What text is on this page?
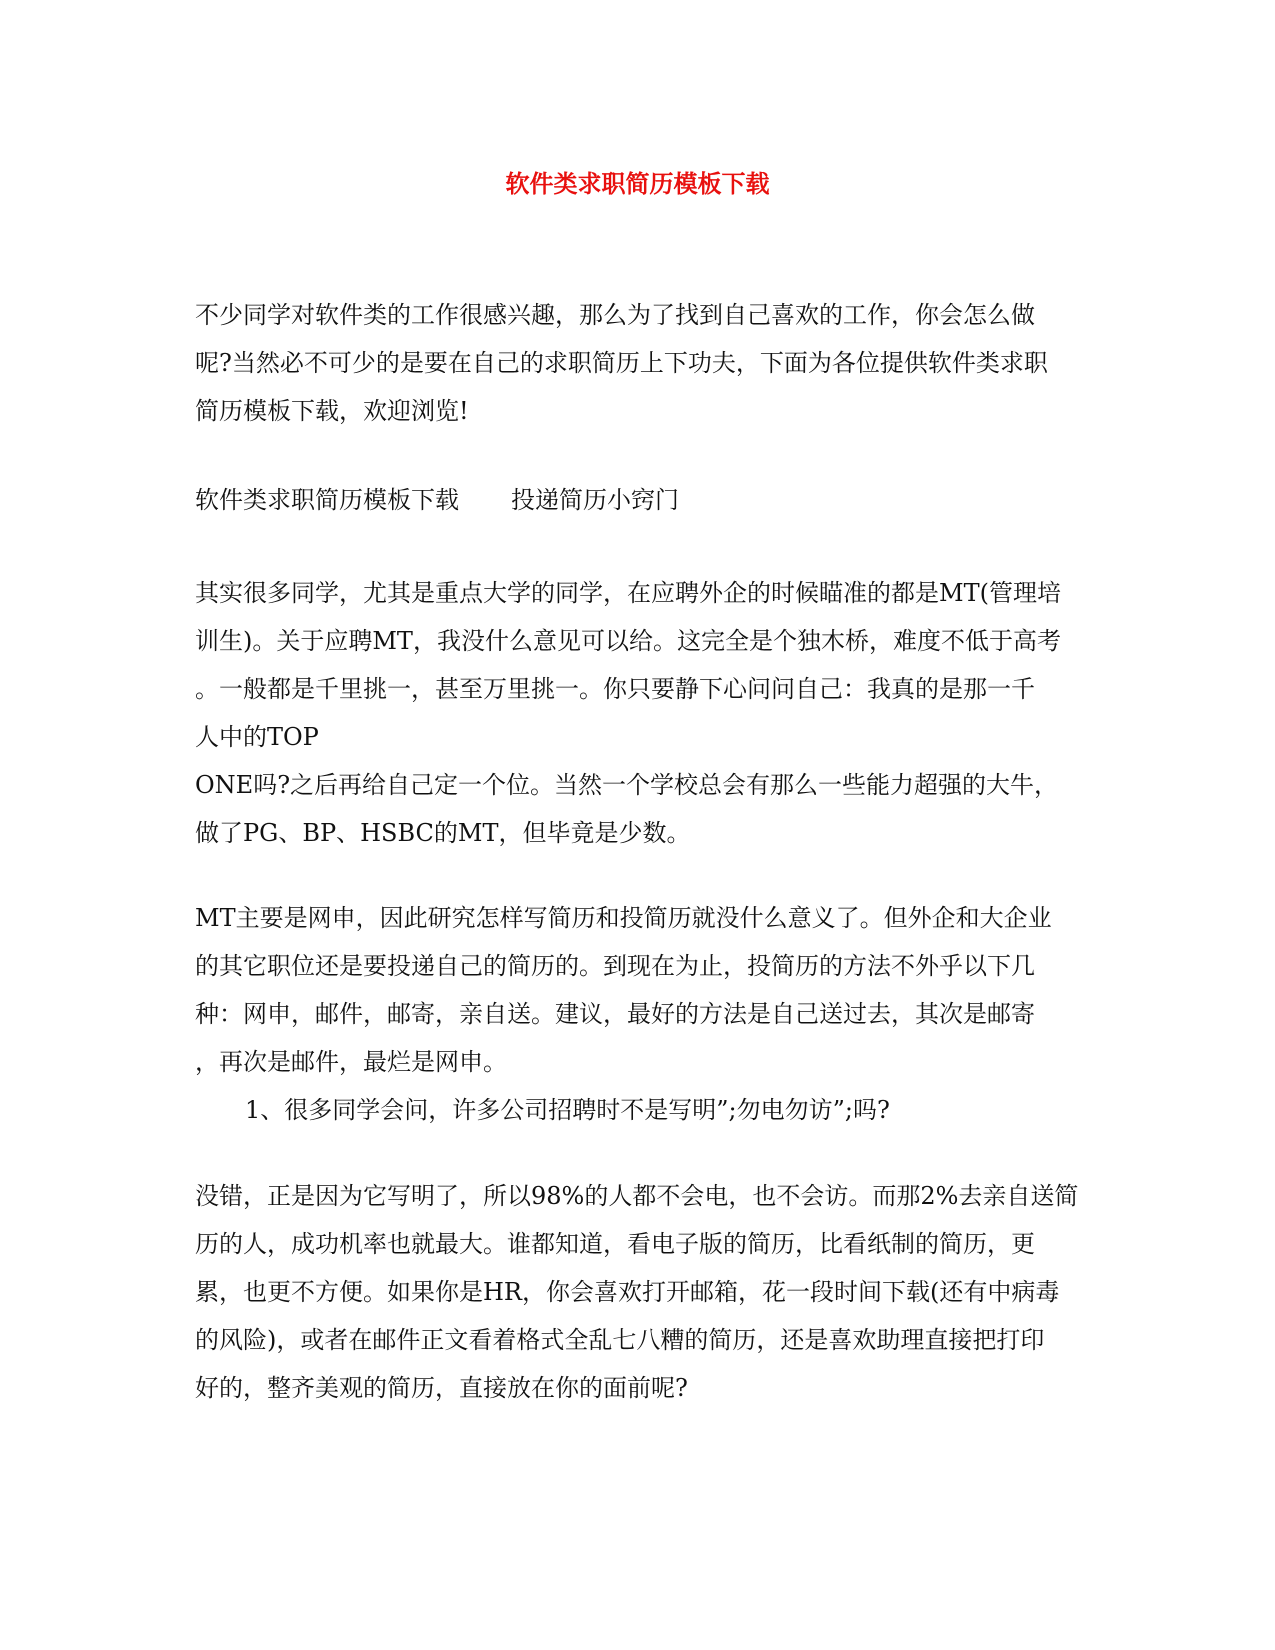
软件类求职简历模板下载
不少同学对软件类的工作很感兴趣，那么为了找到自己喜欢的工作，你会怎么做
呢?当然必不可少的是要在自己的求职简历上下功夫，下面为各位提供软件类求职
简历模板下载，欢迎浏览!
软件类求职简历模板下载 投递简历小窍门
其实很多同学，尤其是重点大学的同学，在应聘外企的时候瞄准的都是MT(管理培
训生)。关于应聘MT，我没什么意见可以给。这完全是个独木桥，难度不低于高考
。一般都是千里挑一，甚至万里挑一。你只要静下心问问自己：我真的是那一千
人中的TOP
ONE吗?之后再给自己定一个位。当然一个学校总会有那么一些能力超强的大牛，
做了PG、BP、HSBC的MT，但毕竟是少数。
MT主要是网申，因此研究怎样写简历和投简历就没什么意义了。但外企和大企业
的其它职位还是要投递自己的简历的。到现在为止，投简历的方法不外乎以下几
种：网申，邮件，邮寄，亲自送。建议，最好的方法是自己送过去，其次是邮寄
，再次是邮件，最烂是网申。
1、很多同学会问，许多公司招聘时不是写明”;勿电勿访”;吗?
没错，正是因为它写明了，所以98%的人都不会电，也不会访。而那2%去亲自送简
历的人，成功机率也就最大。谁都知道，看电子版的简历，比看纸制的简历，更
累，也更不方便。如果你是HR，你会喜欢打开邮箱，花一段时间下载(还有中病毒
的风险)，或者在邮件正文看着格式全乱七八糟的简历，还是喜欢助理直接把打印
好的，整齐美观的简历，直接放在你的面前呢?
